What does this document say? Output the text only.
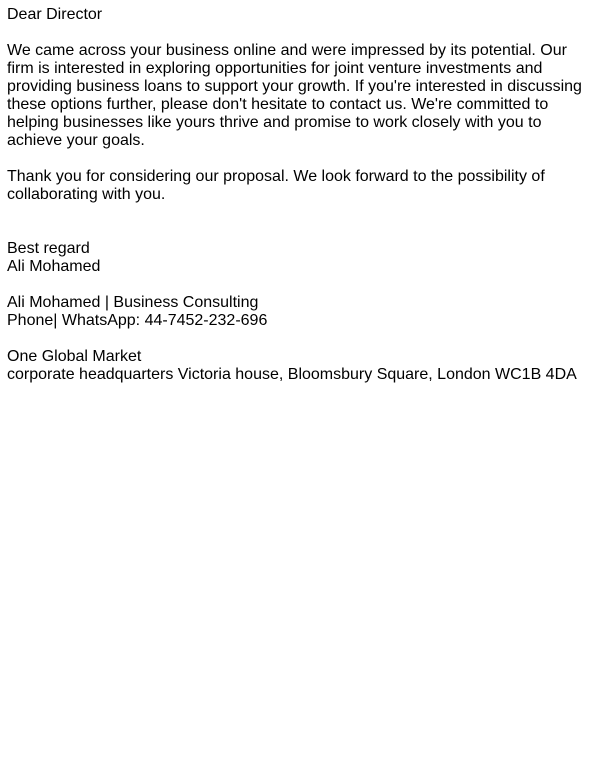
Dear Director

We came across your business online and were impressed by its potential. Our firm is interested in exploring opportunities for joint venture investments and providing business loans to support your growth. If you're interested in discussing these options further, please don't hesitate to contact us. We're committed to helping businesses like yours thrive and promise to work closely with you to achieve your goals.

Thank you for considering our proposal. We look forward to the possibility of collaborating with you.

Best regard
Ali Mohamed
Ali Mohamed | Business Consulting
Phone| WhatsApp: 44-7452-232-696
One Global Market
corporate headquarters Victoria house, Bloomsbury Square, London WC1B 4DA
